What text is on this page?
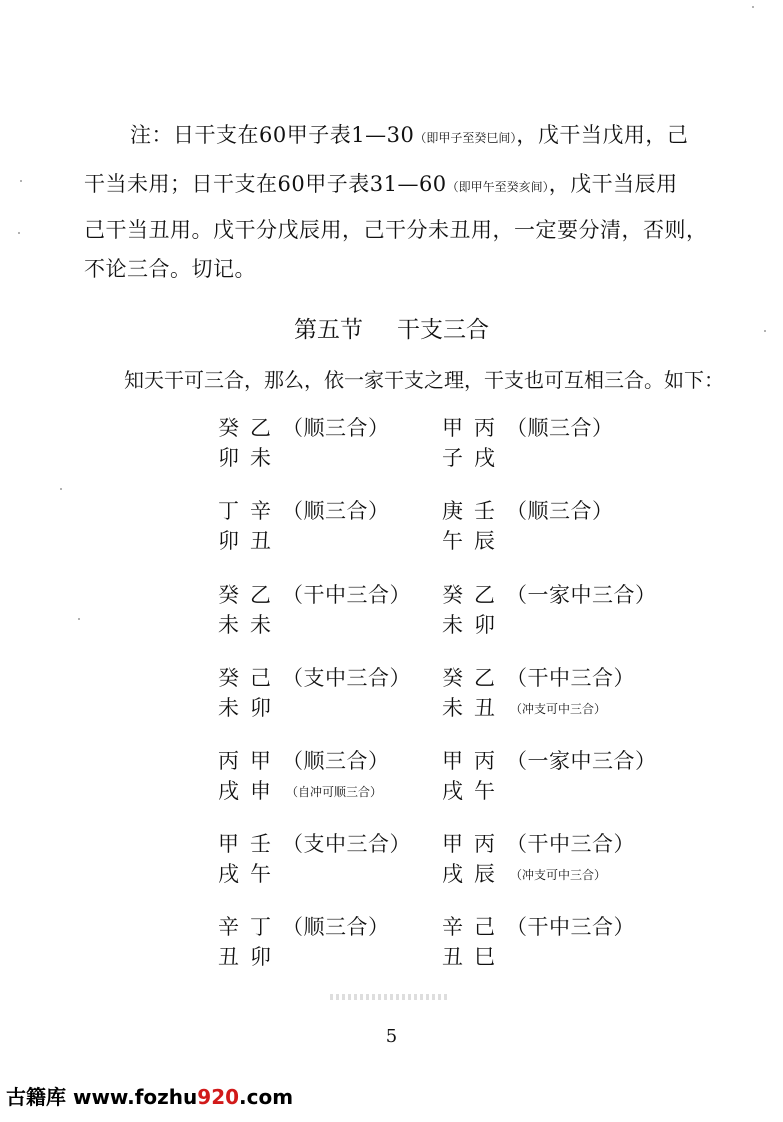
注：日干支在60甲子表1—30（即甲子至癸巳间），戊干当戊用，己
干当未用；日干支在60甲子表31—60（即甲午至癸亥间），戊干当辰用
己干当丑用。戊干分戊辰用，己干分未丑用，一定要分清，否则，
不论三合。切记。
第五节 干支三合
知天干可三合，那么，依一家干支之理，干支也可互相三合。如下：
癸 乙 （顺三合）
卯 未
丁 辛 （顺三合）
卯 丑
癸 乙 （干中三合）
未 未
癸 己 （支中三合）
未 卯
丙 甲 （顺三合）
戌 申 （自冲可顺三合）
甲 壬 （支中三合）
戌 午
辛 丁 （顺三合）
丑 卯
甲 丙 （顺三合）
子 戌
庚 壬 （顺三合）
午 辰
癸 乙 （一家中三合）
未 卯
癸 乙 （干中三合）
未 丑 （冲支可中三合）
甲 丙 （一家中三合）
戌 午
甲 丙 （干中三合）
戌 辰 （冲支可中三合）
辛 己 （干中三合）
丑 巳
5
古籍库 www.fozhu920.com
